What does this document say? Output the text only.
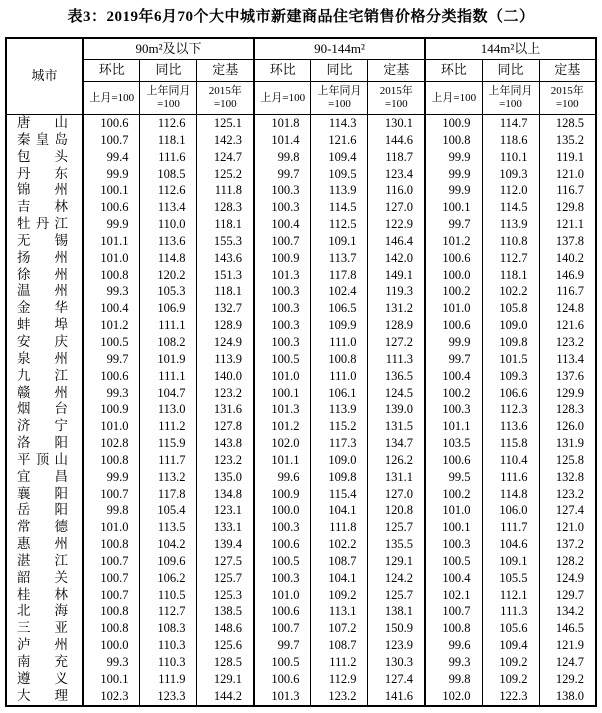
表3：2019年6月70个大中城市新建商品住宅销售价格分类指数（二）
城市	90m²及以下			90-144m²			144m²以上		
	环比	同比	定基	环比	同比	定基	环比	同比	定基
	上月=100	上年同月=100	2015年=100	上月=100	上年同月=100	2015年=100	上月=100	上年同月=100	2015年=100
唐山	100.6	112.6	125.1	101.8	114.3	130.1	100.9	114.7	128.5
秦皇岛	100.7	118.1	142.3	101.4	121.6	144.6	100.8	118.6	135.2
包头	99.4	111.6	124.7	99.8	109.4	118.7	99.9	110.1	119.1
丹东	99.9	108.5	125.2	99.7	109.5	123.4	99.9	109.3	121.0
锦州	100.1	112.6	111.8	100.3	113.9	116.0	99.9	112.0	116.7
吉林	100.6	113.4	128.3	100.3	114.5	127.0	100.1	114.5	129.8
牡丹江	99.9	110.0	118.1	100.4	112.5	122.9	99.7	113.9	121.1
无锡	101.1	113.6	155.3	100.7	109.1	146.4	101.2	110.8	137.8
扬州	101.0	114.8	143.6	100.9	113.7	142.0	100.6	112.7	140.2
徐州	100.8	120.2	151.3	101.3	117.8	149.1	100.0	118.1	146.9
温州	99.3	105.3	118.1	100.3	102.4	119.3	100.2	102.2	116.7
金华	100.4	106.9	132.7	100.3	106.5	131.2	101.0	105.8	124.8
蚌埠	101.2	111.1	128.9	100.3	109.9	128.9	100.6	109.0	121.6
安庆	100.5	108.2	124.9	100.3	111.0	127.2	99.9	109.8	123.2
泉州	99.7	101.9	113.9	100.5	100.8	111.3	99.7	101.5	113.4
九江	100.6	111.1	140.0	101.0	111.0	136.5	100.4	109.3	137.6
赣州	99.3	104.7	123.2	100.1	106.1	124.5	100.2	106.6	129.9
烟台	100.9	113.0	131.6	101.3	113.9	139.0	100.3	112.3	128.3
济宁	101.0	111.2	127.8	101.2	115.2	131.5	101.1	113.6	126.0
洛阳	102.8	115.9	143.8	102.0	117.3	134.7	103.5	115.8	131.9
平顶山	100.8	111.7	123.2	101.1	109.0	126.2	100.6	110.4	125.8
宜昌	99.9	113.2	135.0	99.6	109.8	131.1	99.5	111.6	132.8
襄阳	100.7	117.8	134.8	100.9	115.4	127.0	100.2	114.8	123.2
岳阳	99.8	105.4	123.1	100.0	104.1	120.8	101.0	106.0	127.4
常德	101.0	113.5	133.1	100.3	111.8	125.7	100.1	111.7	121.0
惠州	100.8	104.2	139.4	100.6	102.2	135.5	100.3	104.6	137.2
湛江	100.7	109.6	127.5	100.5	108.7	129.1	100.5	109.1	128.2
韶关	100.7	106.2	125.7	100.3	104.1	124.2	100.4	105.5	124.9
桂林	100.7	110.5	125.3	101.0	109.2	125.7	102.1	112.1	129.7
北海	100.8	112.7	138.5	100.6	113.1	138.1	100.7	111.3	134.2
三亚	100.8	108.3	148.6	100.7	107.2	150.9	100.8	105.6	146.5
泸州	100.0	110.3	125.6	99.7	108.7	123.9	99.6	109.4	121.9
南充	99.3	110.3	128.5	100.5	111.2	130.3	99.3	109.2	124.7
遵义	100.1	111.9	129.1	100.6	112.9	127.4	99.8	109.2	129.2
大理	102.3	123.3	144.2	101.3	123.2	141.6	102.0	122.3	138.0
